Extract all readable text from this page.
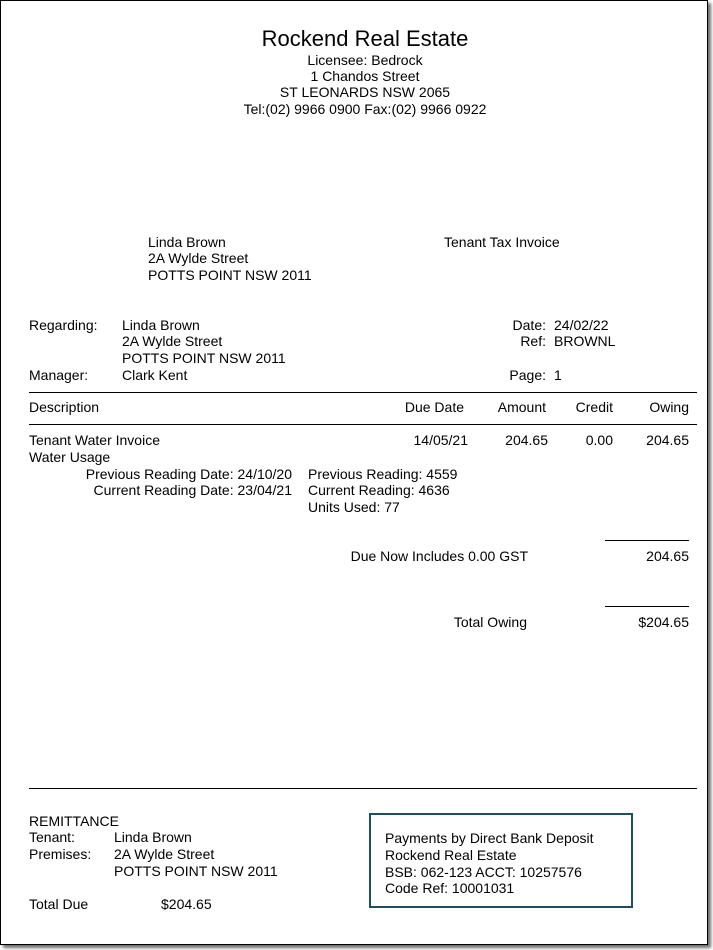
Rockend Real Estate
Licensee: Bedrock
1 Chandos Street
ST LEONARDS NSW 2065
Tel:(02) 9966 0900 Fax:(02) 9966 0922
Linda Brown
2A Wylde Street
POTTS POINT NSW 2011
Tenant Tax Invoice
Regarding: Linda Brown
2A Wylde Street
POTTS POINT NSW 2011
Manager: Clark Kent
Date: 24/02/22
Ref: BROWNL
Page: 1
Description	Due Date	Amount	Credit	Owing
Tenant Water Invoice	14/05/21	204.65	0.00	204.65
Water Usage
Previous Reading Date: 24/10/20
Current Reading Date: 23/04/21
Previous Reading: 4559
Current Reading: 4636
Units Used: 77
Due Now Includes 0.00 GST	204.65
Total Owing	$204.65
REMITTANCE
Tenant:	Linda Brown
Premises: 2A Wylde Street
POTTS POINT NSW 2011
Total Due	$204.65
Payments by Direct Bank Deposit
Rockend Real Estate
BSB: 062-123 ACCT: 10257576
Code Ref: 10001031
